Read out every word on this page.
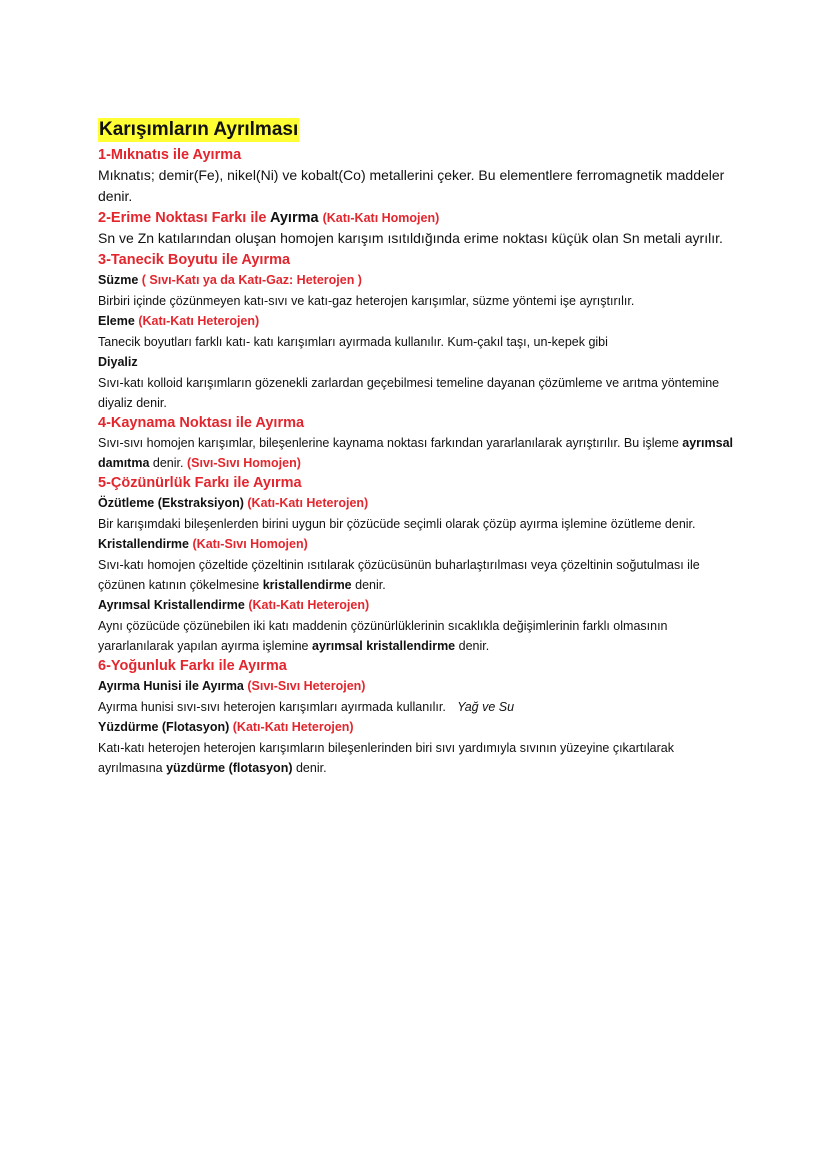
Karışımların Ayrılması
1-Mıknatıs ile Ayırma

Mıknatıs; demir(Fe), nikel(Ni) ve kobalt(Co) metallerini çeker. Bu elementlere ferromagnetik maddeler denir.

2-Erime Noktası Farkı ile Ayırma (Katı-Katı Homojen)

Sn ve Zn katılarından oluşan homojen karışım ısıtıldığında erime noktası küçük olan Sn metali ayrılır.

3-Tanecik Boyutu ile Ayırma
Süzme ( Sıvı-Katı ya da Katı-Gaz: Heterojen )

Birbiri içinde çözünmeyen katı-sıvı ve katı-gaz heterojen karışımlar, süzme yöntemi işe ayrıştırılır.

Eleme (Katı-Katı Heterojen)

Tanecik boyutları farklı katı- katı karışımları ayırmada kullanılır. Kum-çakıl taşı, un-kepek gibi

Diyaliz

Sıvı-katı kolloid karışımların gözenekli zarlardan geçebilmesi temeline dayanan çözümleme ve arıtma yöntemine diyaliz denir.

4-Kaynama Noktası ile Ayırma

Sıvı-sıvı homojen karışımlar, bileşenlerine kaynama noktası farkından yararlanılarak ayrıştırılır. Bu işleme ayrımsal damıtma denir. (Sıvı-Sıvı Homojen)

5-Çözünürlük Farkı ile Ayırma
Özütleme (Ekstraksiyon) (Katı-Katı Heterojen)

Bir karışımdaki bileşenlerden birini uygun bir çözücüde seçimli olarak çözüp ayırma işlemine özütleme denir.

Kristallendirme (Katı-Sıvı Homojen)

Sıvı-katı homojen çözeltide çözeltinin ısıtılarak çözücüsünün buharlaştırılması veya çözeltinin soğutulması ile çözünen katının çökelmesine kristallendirme denir.

Ayrımsal Kristallendirme (Katı-Katı Heterojen)

Aynı çözücüde çözünebilen iki katı maddenin çözünürlüklerinin sıcaklıkla değişimlerinin farklı olmasının yararlanılarak yapılan ayırma işlemine ayrımsal kristallendirme denir.

6-Yoğunluk Farkı ile Ayırma
Ayırma Hunisi ile Ayırma (Sıvı-Sıvı Heterojen)

Ayırma hunisi sıvı-sıvı heterojen karışımları ayırmada kullanılır. Yağ ve Su

Yüzdürme (Flotasyon) (Katı-Katı Heterojen)

Katı-katı heterojen heterojen karışımların bileşenlerinden biri sıvı yardımıyla sıvının yüzeyine çıkartılarak ayrılmasına yüzdürme (flotasyon) denir.
